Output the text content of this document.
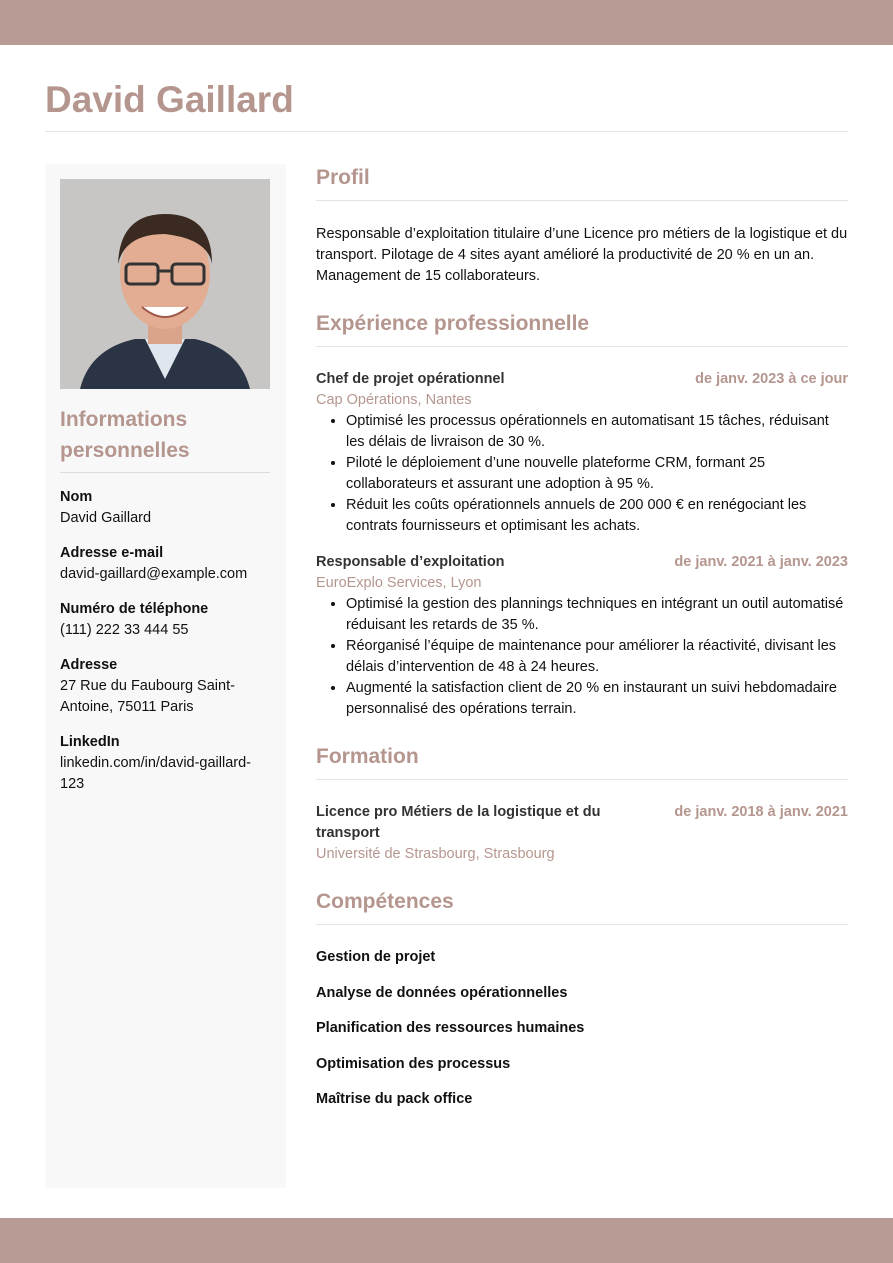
David Gaillard
Informations personnelles
Nom
David Gaillard
Adresse e-mail
david-gaillard@example.com
Numéro de téléphone
(111) 222 33 444 55
Adresse
27 Rue du Faubourg Saint-Antoine, 75011 Paris
LinkedIn
linkedin.com/in/david-gaillard-123
Profil

Responsable d’exploitation titulaire d’une Licence pro métiers de la logistique et du transport. Pilotage de 4 sites ayant amélioré la productivité de 20 % en un an. Management de 15 collaborateurs.

Expérience professionnelle
Chef de projet opérationnel	de janv. 2023 à ce jour
Cap Opérations, Nantes
• Optimisé les processus opérationnels en automatisant 15 tâches, réduisant les délais de livraison de 30 %.
• Piloté le déploiement d’une nouvelle plateforme CRM, formant 25 collaborateurs et assurant une adoption à 95 %.
• Réduit les coûts opérationnels annuels de 200 000 € en renégociant les contrats fournisseurs et optimisant les achats.
Responsable d’exploitation	de janv. 2021 à janv. 2023
EuroExplo Services, Lyon
• Optimisé la gestion des plannings techniques en intégrant un outil automatisé réduisant les retards de 35 %.
• Réorganisé l’équipe de maintenance pour améliorer la réactivité, divisant les délais d’intervention de 48 à 24 heures.
• Augmenté la satisfaction client de 20 % en instaurant un suivi hebdomadaire personnalisé des opérations terrain.
Formation
Licence pro Métiers de la logistique et du transport
de janv. 2018 à janv. 2021
Université de Strasbourg, Strasbourg
Compétences
Gestion de projet
Analyse de données opérationnelles
Planification des ressources humaines
Optimisation des processus
Maîtrise du pack office
